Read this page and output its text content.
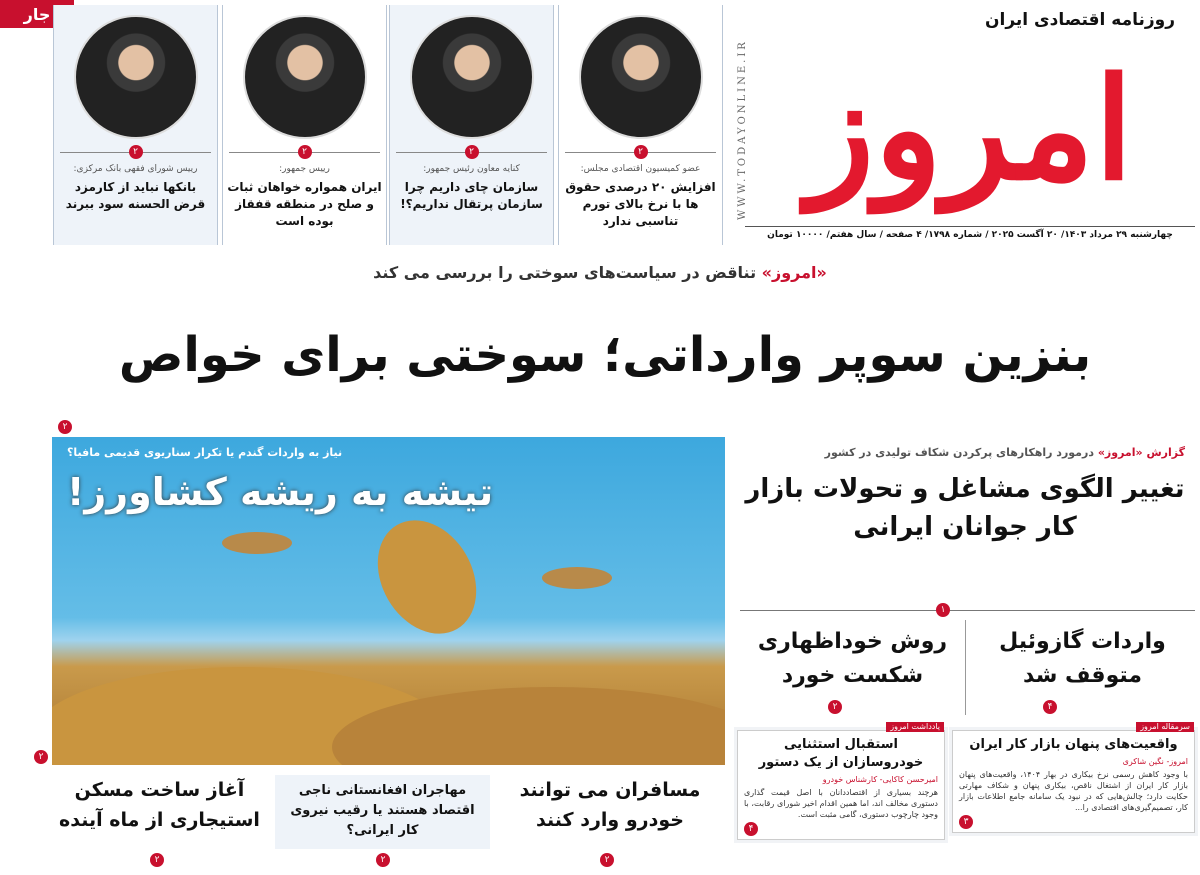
جار
WWW.TODAYONLINE.IR
روزنامه اقتصادی ایران
امروز
چهارشنبه ۲۹ مرداد ۱۴۰۳/ ۲۰ آگست ۲۰۲۵ / شماره ۱۷۹۸/ ۴ صفحه / سال هفتم/ ۱۰۰۰۰ تومان
۲
عضو کمیسیون اقتصادی مجلس:
افزایش ۲۰ درصدی حقوق ها با نرخ بالای تورم تناسبی ندارد
۲
کنایه معاون رئیس جمهور:
سازمان چای داریم چرا سازمان پرتقال نداریم؟!
۲
رییس جمهور:
ایران همواره خواهان ثبات و صلح در منطقه قفقاز بوده است
۲
رییس شورای فقهی بانک مرکزی:
بانکها نباید از کارمزد قرض الحسنه سود ببرند
«امروز» تناقض در سیاست‌های سوختی را بررسی می کند
بنزین سوپر وارداتی؛ سوختی برای خواص
۲
نیاز به واردات گندم یا تکرار سناریوی قدیمی مافیا؟
تیشه به ریشه کشاورز!
۲
گزارش «امروز» درمورد راهکارهای پرکردن شکاف تولیدی در کشور
تغییر الگوی مشاغل و تحولات بازار کار جوانان ایرانی
۱
واردات گازوئیل متوقف شد
۴
روش خوداظهاری شکست خورد
۲
سرمقاله امروز
واقعیت‌های پنهان بازار کار ایران
امروز- نگین شاکری
با وجود کاهش رسمی نرخ بیکاری در بهار ۱۴۰۴، واقعیت‌های پنهان بازار کار ایران از اشتغال ناقص، بیکاری پنهان و شکاف مهارتی حکایت دارد؛ چالش‌هایی که در نبود یک سامانه جامع اطلاعات بازار کار، تصمیم‌گیری‌های اقتصادی را...
۳
یادداشت امروز
استقبال استثنایی خودروسازان از یک دستور
امیرحسن کاکایی- کارشناس خودرو
هرچند بسیاری از اقتصاددانان با اصل قیمت گذاری دستوری مخالف اند، اما همین اقدام اخیر شورای رقابت، با وجود چارچوب دستوری، گامی مثبت است.
۴
مسافران می توانند خودرو وارد کنند
۲
مهاجران افغانستانی ناجی اقتصاد هستند یا رقیب نیروی کار ایرانی؟
۲
آغاز ساخت مسکن استیجاری از ماه آینده
۲
